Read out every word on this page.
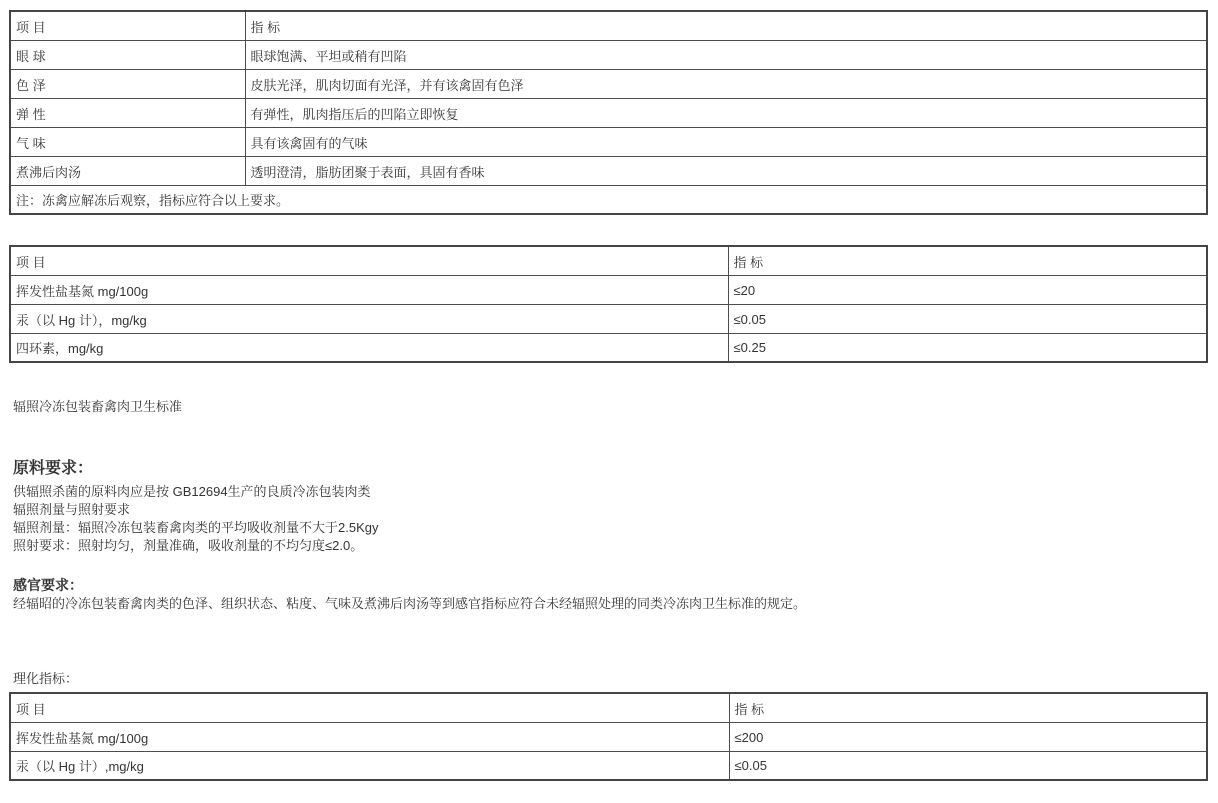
项 目	指 标
眼 球	眼球饱满、平坦或稍有凹陷
色 泽	皮肤光泽，肌肉切面有光泽，并有该禽固有色泽
弹 性	有弹性，肌肉指压后的凹陷立即恢复
气 味	具有该禽固有的气味
煮沸后肉汤	透明澄清，脂肪团聚于表面，具固有香味
注：冻禽应解冻后观察，指标应符合以上要求。	
项 目	指 标
挥发性盐基氮 mg/100g	≤20
汞（以 Hg 计），mg/kg	≤0.05
四环素，mg/kg	≤0.25
辐照冷冻包装畜禽肉卫生标准
原料要求：
供辐照杀菌的原料肉应是按 GB12694生产的良质冷冻包装肉类
辐照剂量与照射要求
辐照剂量：辐照冷冻包装畜禽肉类的平均吸收剂量不大于2.5Kgy
照射要求：照射均匀，剂量准确，吸收剂量的不均匀度≤2.0。
感官要求：
经辐昭的冷冻包装畜禽肉类的色泽、组织状态、粘度、气味及煮沸后肉汤等到感官指标应符合未经辐照处理的同类冷冻肉卫生标准的规定。
理化指标：
项 目	指 标
挥发性盐基氮 mg/100g	≤200
汞（以 Hg 计）,mg/kg	≤0.05
